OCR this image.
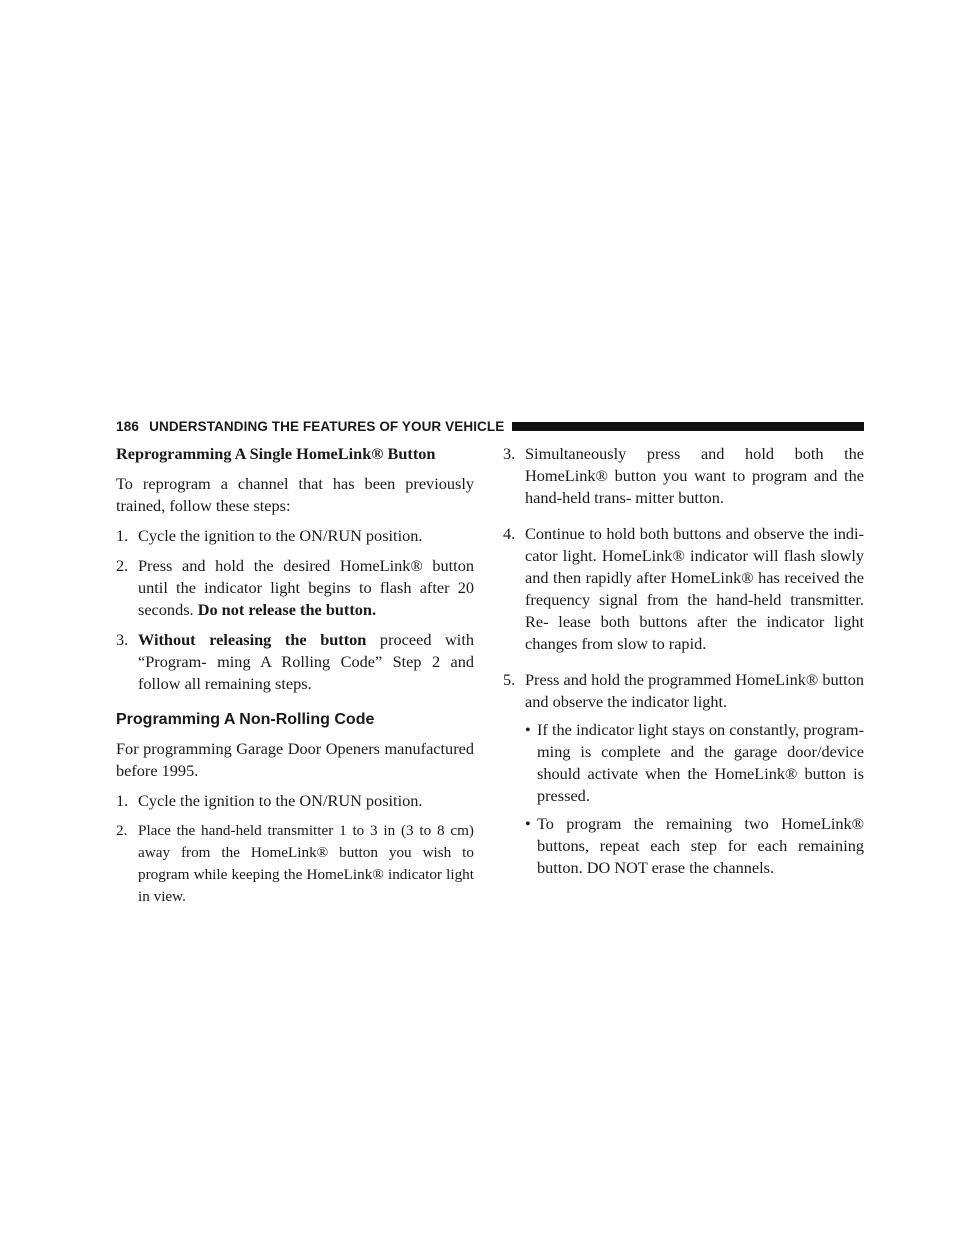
186 UNDERSTANDING THE FEATURES OF YOUR VEHICLE

Reprogramming A Single HomeLink® Button

To reprogram a channel that has been previously trained, follow these steps:

1. Cycle the ignition to the ON/RUN position.

2. Press and hold the desired HomeLink® button until the indicator light begins to flash after 20 seconds. Do not release the button.

3. Without releasing the button proceed with “Program- ming A Rolling Code” Step 2 and follow all remaining steps.

Programming A Non-Rolling Code

For programming Garage Door Openers manufactured before 1995.

1. Cycle the ignition to the ON/RUN position.

2. Place the hand-held transmitter 1 to 3 in (3 to 8 cm) away from the HomeLink® button you wish to program while keeping the HomeLink® indicator light in view.

3. Simultaneously press and hold both the HomeLink® button you want to program and the hand-held trans- mitter button.

4. Continue to hold both buttons and observe the indi- cator light. HomeLink® indicator will flash slowly and then rapidly after HomeLink® has received the frequency signal from the hand-held transmitter. Re- lease both buttons after the indicator light changes from slow to rapid.

5. Press and hold the programmed HomeLink® button and observe the indicator light.

• If the indicator light stays on constantly, program- ming is complete and the garage door/device should activate when the HomeLink® button is pressed.

• To program the remaining two HomeLink® buttons, repeat each step for each remaining button. DO NOT erase the channels.
